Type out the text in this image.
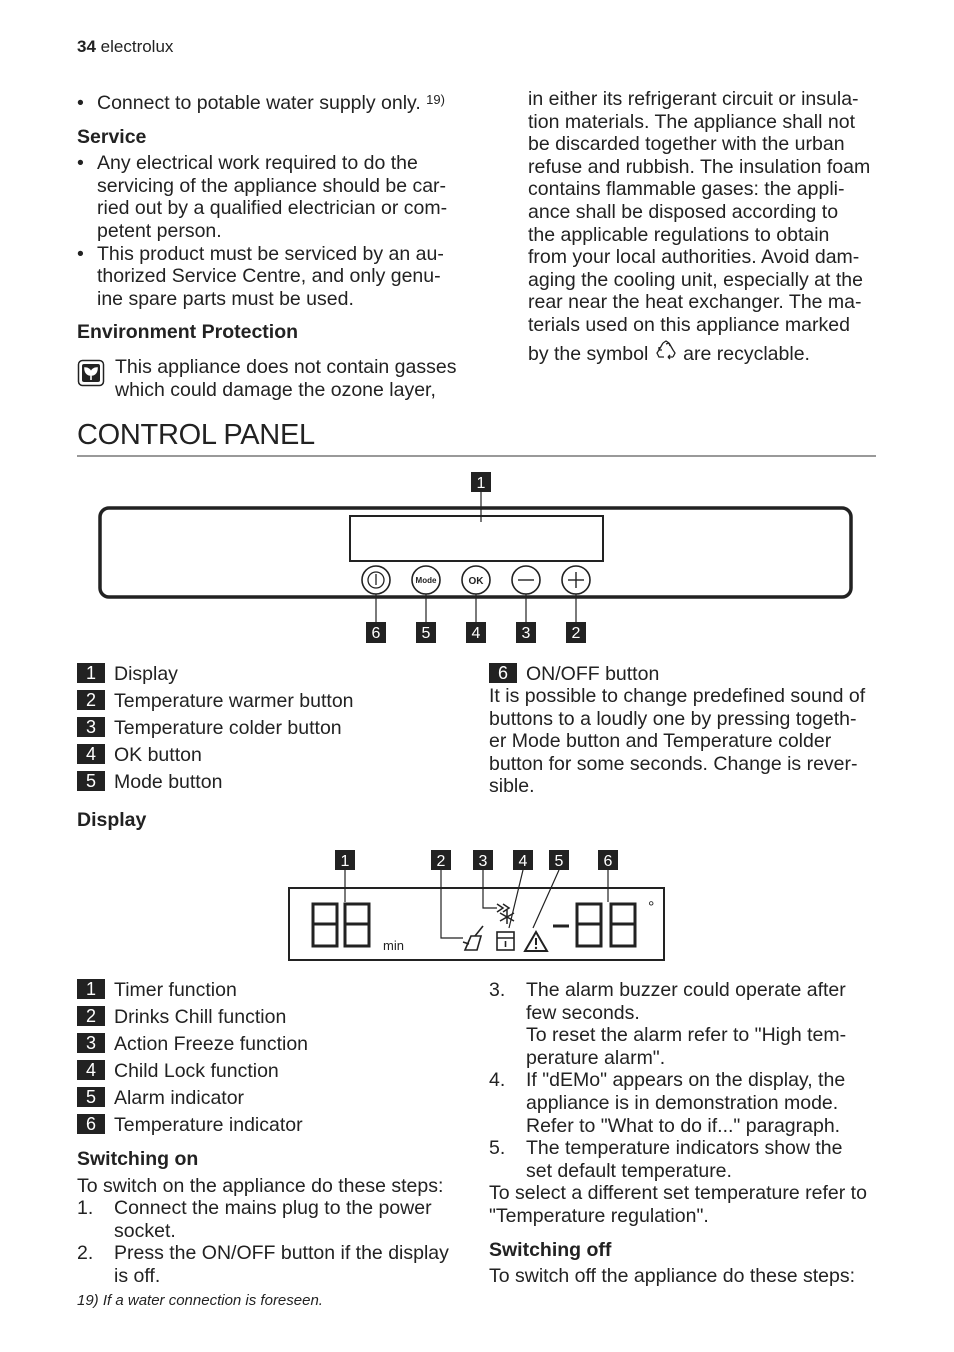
34 electrolux
• Connect to potable water supply only. $^{19)}$
Service
• Any electrical work required to do the
servicing of the appliance should be car-
ried out by a qualified electrician or com-
petent person.
• This product must be serviced by an au-
thorized Service Centre, and only genu-
ine spare parts must be used.
Environment Protection
This appliance does not contain gasses
which could damage the ozone layer,
in either its refrigerant circuit or insula-
tion materials. The appliance shall not
be discarded together with the urban
refuse and rubbish. The insulation foam
contains flammable gases: the appli-
ance shall be disposed according to
the applicable regulations to obtain
from your local authorities. Avoid dam-
aging the cooling unit, especially at the
rear near the heat exchanger. The ma-
terials used on this appliance marked
by the symbol are recyclable.
CONTROL PANEL
1
6
Mode
5
OK
4	3	2
1 Display
2 Temperature warmer button
3 Temperature colder button
4 OK button
5 Mode button
6 ON/OFF button
It is possible to change predefined sound of
buttons to a loudly one by pressing togeth-
er Mode button and Temperature colder
button for some seconds. Change is rever-
sible.
Display
1	2 3 4 5	6
min
°
1 Timer function
2 Drinks Chill function
3 Action Freeze function
4 Child Lock function
5 Alarm indicator
6 Temperature indicator
Switching on
To switch on the appliance do these steps:
1.	Connect the mains plug to the power
socket.
2.	Press the ON/OFF button if the display
is off.
3.	The alarm buzzer could operate after
few seconds.
To reset the alarm refer to "High tem-
perature alarm".
4.	If "dEMo" appears on the display, the
appliance is in demonstration mode.
Refer to "What to do if..." paragraph.
5.	The temperature indicators show the
set default temperature.
To select a different set temperature refer to
"Temperature regulation".
Switching off
To switch off the appliance do these steps:
19) If a water connection is foreseen.
